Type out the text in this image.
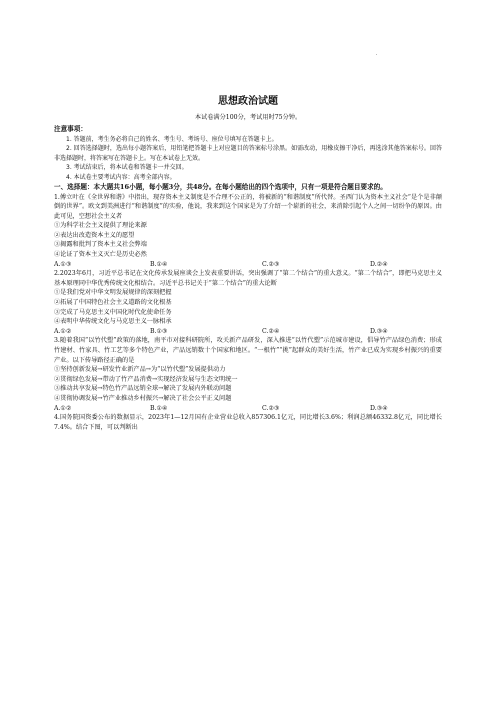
思想政治试题
本试卷满分100分，考试用时75分钟。
注意事项：
1. 答题前，考生务必将自己的姓名、考生号、考场号、座位号填写在答题卡上。
2. 回答选择题时，选出每小题答案后，用铅笔把答题卡上对应题目的答案标号涂黑。如需改动，用橡皮擦干净后，再选涂其他答案标号。回答非选择题时，将答案写在答题卡上。写在本试卷上无效。
3. 考试结束后，将本试卷和答题卡一并交回。
4. 本试卷主要考试内容：高考全部内容。
一、选择题：本大题共16小题，每小题3分，共48分。在每小题给出的四个选项中，只有一项是符合题目要求的。
1.傅立叶在《全世界和谐》中指出，现存资本主义制度是不合理不公正的，将被新的“和谐制度”所代替。圣西门认为资本主义社会“是个是非颠倒的世界”。欧文到美洲进行“和谐制度”的实验，他说，我来到这个国家是为了介绍一个崭新的社会，来消除引起个人之间一切纷争的原因。由此可见，空想社会主义者
①为科学社会主义提供了理论来源
②表达出改造资本主义的愿望
③揭露和批判了资本主义社会弊端
④论证了资本主义灭亡是历史必然
A.①③	B.①④	C.②③	D.②④
2.2023年6月，习近平总书记在文化传承发展座谈会上发表重要讲话，突出强调了“第二个结合”的重大意义。“第二个结合”，即把马克思主义基本原理同中华优秀传统文化相结合。习近平总书记关于“第二个结合”的重大论断
①是我们党对中华文明发展规律的深刻把握
②拓展了中国特色社会主义道路的文化根基
③完成了马克思主义中国化时代化使命任务
④表明中华传统文化与马克思主义一脉相承
A.①②	B.①③	C.②④	D.③④
3.随着我国“以竹代塑”政策的落地，南平市对接科研院所，攻关新产品研发，深入推进“以竹代塑”示范城市建设，倡导竹产品绿色消费；形成竹建材、竹家具、竹工艺等多个特色产业，产品远销数十个国家和地区。“一根竹”“挑”起群众的美好生活，竹产业已成为实现乡村振兴的重要产业。以下传导路径正确的是
①坚持创新发展→研发竹业新产品→为“以竹代塑”发展提供动力
②贯彻绿色发展→带动了竹产品消费→实现经济发展与生态文明统一
③推动共享发展→特色竹产品远销全球→解决了发展内外联动问题
④贯彻协调发展→竹产业推动乡村振兴→解决了社会公平正义问题
A.①②	B.①④	C.②③	D.③④
4.国务院国资委公布的数据显示，2023年1—12月国有企业营业总收入857306.1亿元，同比增长3.6%；利润总额46332.8亿元，同比增长7.4%。结合下图，可以判断出
